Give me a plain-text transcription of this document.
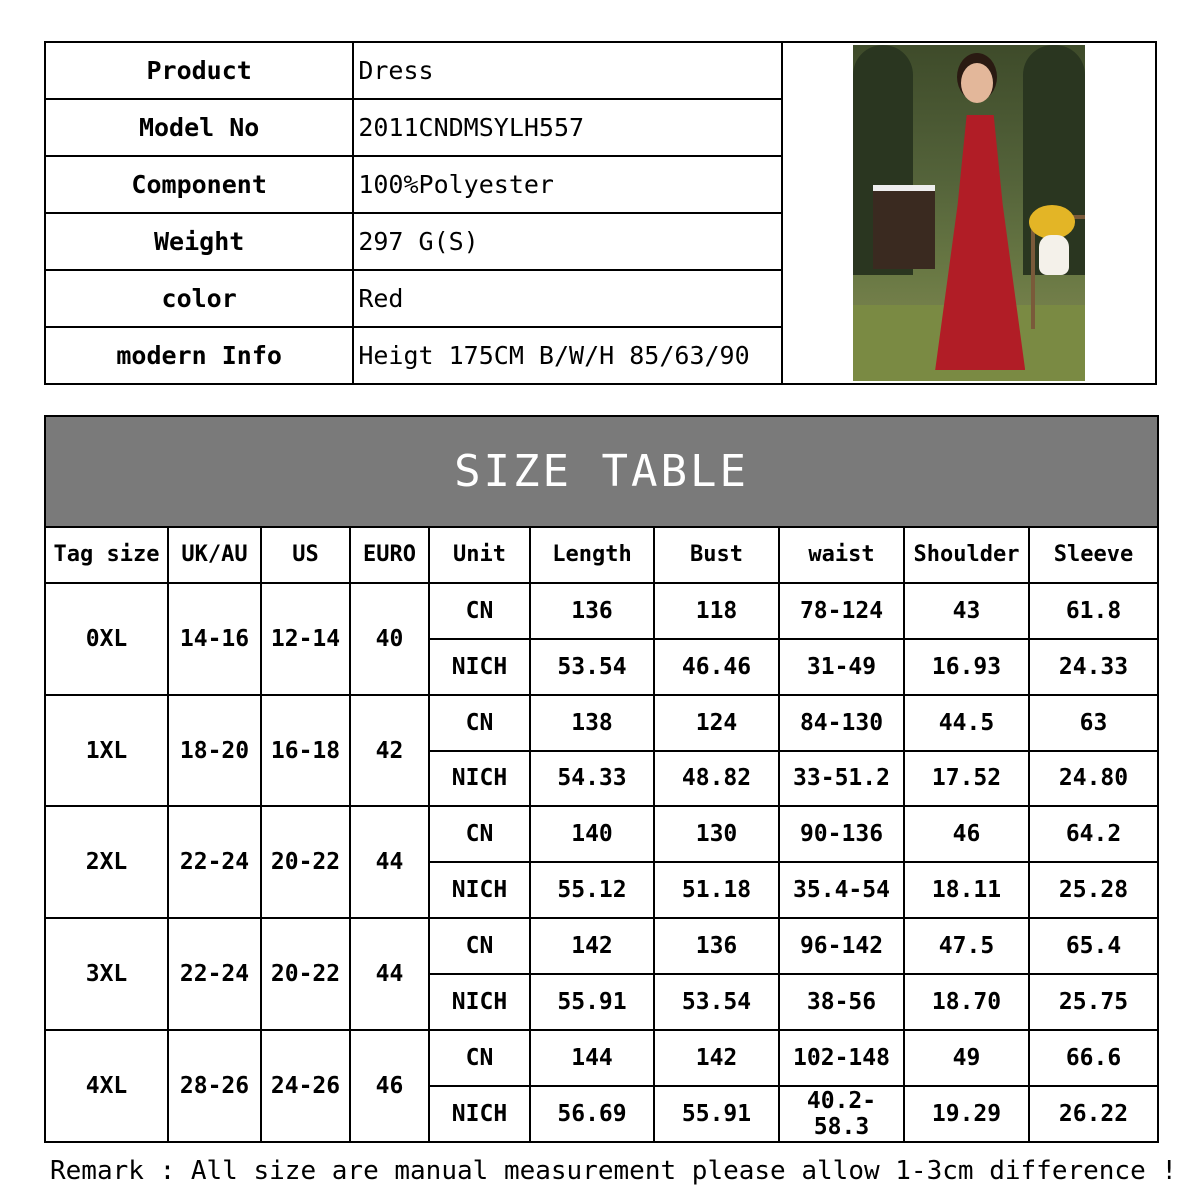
Product	Dress	

Model No	2011CNDMSYLH557	
Component	100%Polyester	
Weight	297 G(S)	
color	Red	
modern Info	Heigt 175CM B/W/H 85/63/90	
SIZE TABLE									
Tag size	UK/AU	US	EURO	Unit	Length	Bust	waist	Shoulder	Sleeve
0XL	14-16	12-14	40	CN	136	118	78-124	43	61.8
				NICH	53.54	46.46	31-49	16.93	24.33
1XL	18-20	16-18	42	CN	138	124	84-130	44.5	63
				NICH	54.33	48.82	33-51.2	17.52	24.80
2XL	22-24	20-22	44	CN	140	130	90-136	46	64.2
				NICH	55.12	51.18	35.4-54	18.11	25.28
3XL	22-24	20-22	44	CN	142	136	96-142	47.5	65.4
				NICH	55.91	53.54	38-56	18.70	25.75
4XL	28-26	24-26	46	CN	144	142	102-148	49	66.6
				NICH	56.69	55.91	40.2-58.3	19.29	26.22
Remark : All size are manual measurement please allow 1-3cm difference !
